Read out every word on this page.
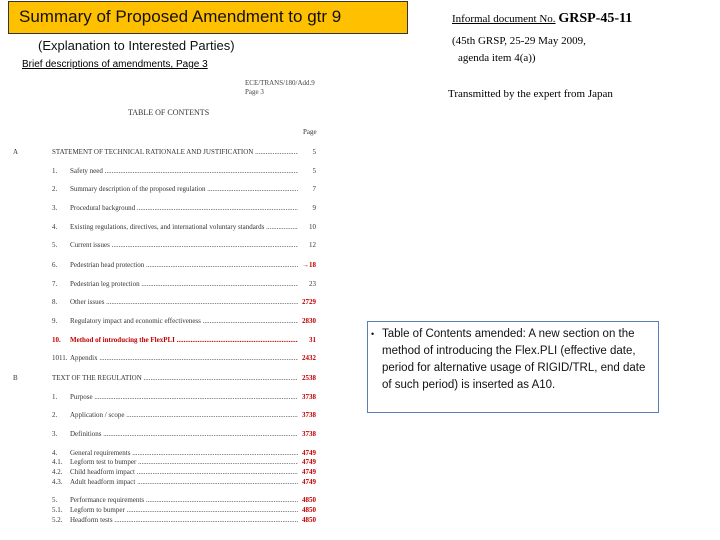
Summary of Proposed Amendment to gtr 9
(Explanation to Interested Parties)
Brief descriptions of amendments, Page 3
Informal document No. GRSP-45-11
(45th GRSP, 25-29 May 2009,
agenda item 4(a))
Transmitted by the expert from Japan
ECE/TRANS/180/Add.9
Page 3
TABLE OF CONTENTS
Page
A	STATEMENT OF TECHNICAL RATIONALE AND JUSTIFICATION .....	5
1. Safety need .....	5
2. Summary description of the proposed regulation .....	7
3. Procedural background .....	9
4. Existing regulations, directives, and international voluntary standards .....	10
5. Current issues .....	12
6. Pedestrian head protection .....	→18
7. Pedestrian leg protection .....	23
8. Other issues .....	2729
9. Regulatory impact and economic effectiveness .....	2830
10. Method of introducing the FlexPLI .....	31
1011. Appendix .....	2432
B	TEXT OF THE REGULATION .....	2538
1. Purpose .....	3738
2. Application / scope .....	3738
3. Definitions .....	3738
4. General requirements .....	4749
4.1. Legform test to bumper .....	4749
4.2. Child headform impact .....	4749
4.3. Adult headform impact .....	4749
5. Performance requirements .....	4850
5.1. Legform to bumper .....	4850
5.2. Headform tests .....	4850
• Table of Contents amended: A new section on the method of introducing the Flex.PLI (effective date, period for alternative usage of RIGID/TRL, end date of such period) is inserted as A10.
